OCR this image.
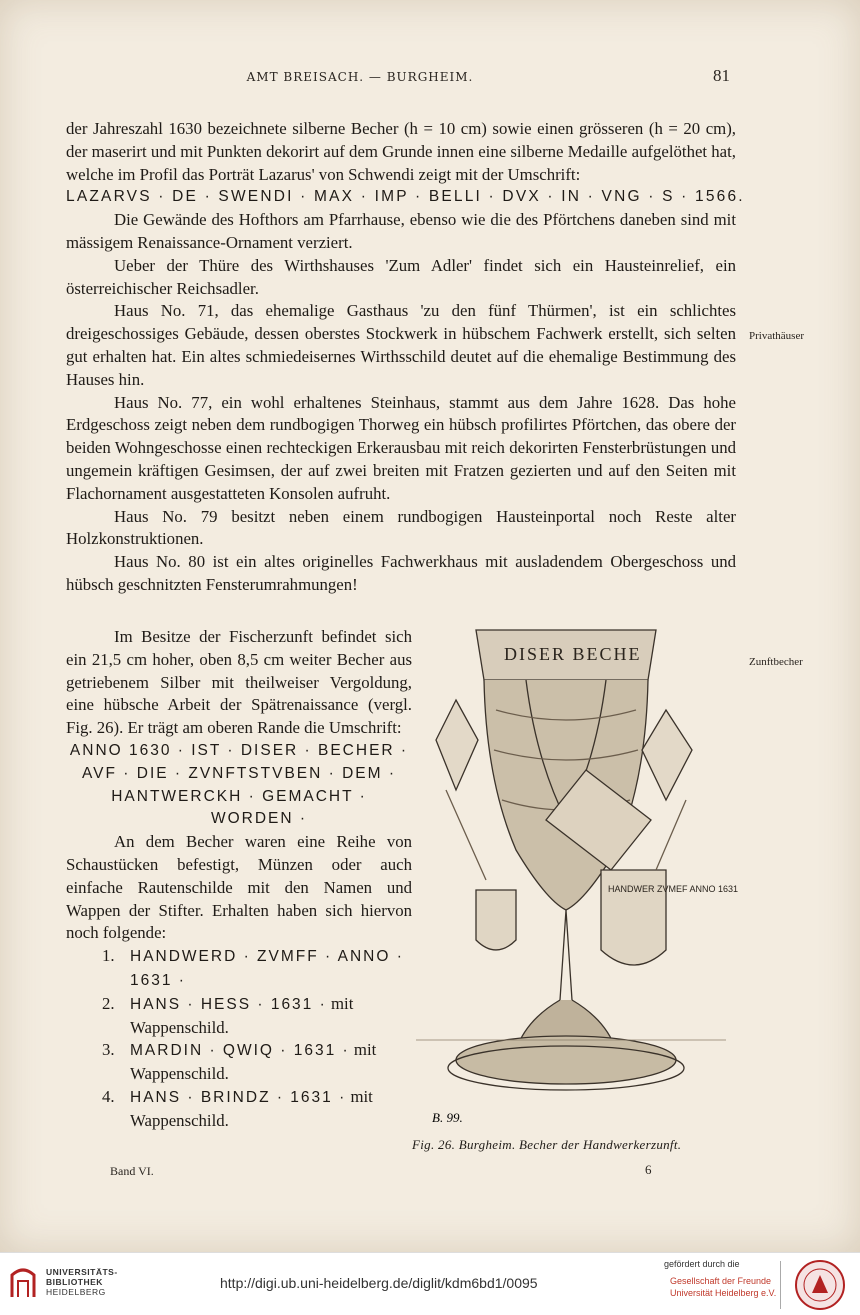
AMT BREISACH. — BURGHEIM.	81

der Jahreszahl 1630 bezeichnete silberne Becher (h = 10 cm) sowie einen grösseren (h = 20 cm), der maserirt und mit Punkten dekorirt auf dem Grunde innen eine silberne Medaille aufgelöthet hat, welche im Profil das Porträt Lazarus' von Schwendi zeigt mit der Umschrift:

LAZARVS · DE · SWENDI · MAX · IMP · BELLI · DVX · IN · VNG · S · 1566.

Die Gewände des Hofthors am Pfarrhause, ebenso wie die des Pförtchens daneben sind mit mässigem Renaissance-Ornament verziert.

Ueber der Thüre des Wirthshauses 'Zum Adler' findet sich ein Hausteinrelief, ein österreichischer Reichsadler.

Haus No. 71, das ehemalige Gasthaus 'zu den fünf Thürmen', ist ein schlichtes dreigeschossiges Gebäude, dessen oberstes Stockwerk in hübschem Fachwerk erstellt, sich selten gut erhalten hat. Ein altes schmiedeisernes Wirthsschild deutet auf die ehemalige Bestimmung des Hauses hin.

Haus No. 77, ein wohl erhaltenes Steinhaus, stammt aus dem Jahre 1628. Das hohe Erdgeschoss zeigt neben dem rundbogigen Thorweg ein hübsch profilirtes Pförtchen, das obere der beiden Wohngeschosse einen rechteckigen Erkerausbau mit reich dekorirten Fensterbrüstungen und ungemein kräftigen Gesimsen, der auf zwei breiten mit Fratzen gezierten und auf den Seiten mit Flachornament ausgestatteten Konsolen aufruht.

Haus No. 79 besitzt neben einem rundbogigen Hausteinportal noch Reste alter Holzkonstruktionen.

Haus No. 80 ist ein altes originelles Fachwerkhaus mit ausladendem Obergeschoss und hübsch geschnitzten Fensterumrahmungen!

Privathäuser
Zunftbecher

Im Besitze der Fischerzunft befindet sich ein 21,5 cm hoher, oben 8,5 cm weiter Becher aus getriebenem Silber mit theilweiser Vergoldung, eine hübsche Arbeit der Spätrenaissance (vergl. Fig. 26). Er trägt am oberen Rande die Umschrift:

ANNO 1630 · IST · DISER · BECHER ·
AVF · DIE · ZVNFTSTVBEN · DEM ·
HANTWERCKH · GEMACHT ·
WORDEN ·

An dem Becher waren eine Reihe von Schaustücken befestigt, Münzen oder auch einfache Rautenschilde mit den Namen und Wappen der Stifter. Erhalten haben sich hiervon noch folgende:

1. HANDWERD · ZVMFF · ANNO · 1631 ·
2. HANS · HESS · 1631 · mit Wappenschild.
3. MARDIN · QWIQ · 1631 · mit Wappenschild.
4. HANS · BRINDZ · 1631 · mit Wappenschild.
DISER BECHE
HANDWER ZVMEF ANNO 1631
B. 99.
Fig. 26. Burgheim. Becher der Handwerkerzunft.
Band VI.	6
UNIVERSITÄTS-
BIBLIOTHEK
HEIDELBERG
http://digi.ub.uni-heidelberg.de/diglit/kdm6bd1/0095
gefördert durch die
Gesellschaft der Freunde
Universität Heidelberg e.V.
